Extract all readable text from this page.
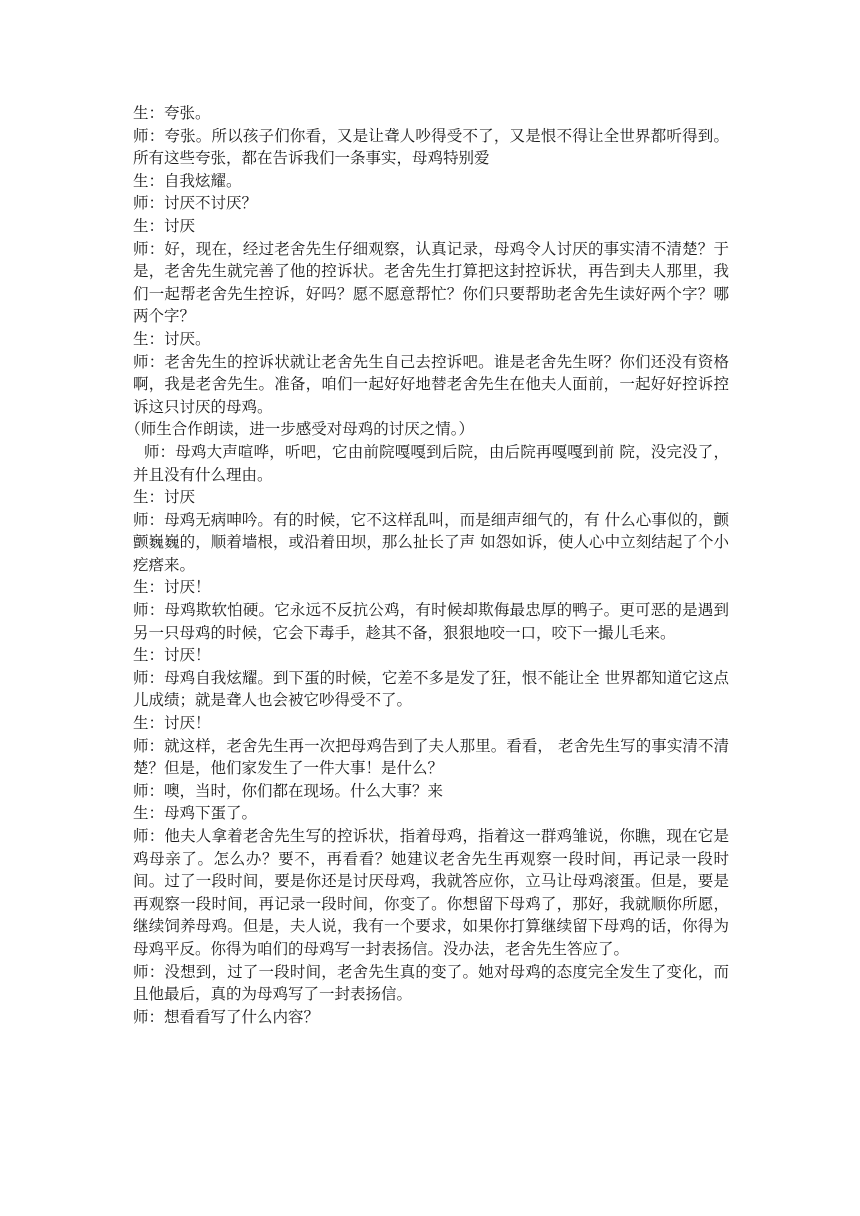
生：夸张。

师：夸张。所以孩子们你看，又是让聋人吵得受不了，又是恨不得让全世界都听得到。所有这些夸张，都在告诉我们一条事实，母鸡特别爱

生：自我炫耀。

师：讨厌不讨厌？

生：讨厌

师：好，现在，经过老舍先生仔细观察，认真记录，母鸡令人讨厌的事实清不清楚？于是，老舍先生就完善了他的控诉状。老舍先生打算把这封控诉状，再告到夫人那里，我们一起帮老舍先生控诉，好吗？愿不愿意帮忙？你们只要帮助老舍先生读好两个字？哪两个字？

生：讨厌。

师：老舍先生的控诉状就让老舍先生自己去控诉吧。谁是老舍先生呀？你们还没有资格啊，我是老舍先生。准备，咱们一起好好地替老舍先生在他夫人面前，一起好好控诉控诉这只讨厌的母鸡。

（师生合作朗读，进一步感受对母鸡的讨厌之情。）

师：母鸡大声喧哗，听吧，它由前院嘎嘎到后院，由后院再嘎嘎到前 院，没完没了，并且没有什么理由。

生：讨厌

师：母鸡无病呻吟。有的时候，它不这样乱叫，而是细声细气的，有 什么心事似的，颤颤巍巍的，顺着墙根，或沿着田坝，那么扯长了声 如怨如诉，使人心中立刻结起了个小疙瘩来。

生：讨厌！

师：母鸡欺软怕硬。它永远不反抗公鸡，有时候却欺侮最忠厚的鸭子。更可恶的是遇到另一只母鸡的时候，它会下毒手，趁其不备，狠狠地咬一口，咬下一撮儿毛来。

生：讨厌！

师：母鸡自我炫耀。到下蛋的时候，它差不多是发了狂，恨不能让全 世界都知道它这点儿成绩；就是聋人也会被它吵得受不了。

生：讨厌！

师：就这样，老舍先生再一次把母鸡告到了夫人那里。看看， 老舍先生写的事实清不清楚？但是，他们家发生了一件大事！是什么？

师：噢，当时，你们都在现场。什么大事？来

生：母鸡下蛋了。

师：他夫人拿着老舍先生写的控诉状，指着母鸡，指着这一群鸡雏说，你瞧，现在它是鸡母亲了。怎么办？要不，再看看？她建议老舍先生再观察一段时间，再记录一段时间。过了一段时间，要是你还是讨厌母鸡，我就答应你，立马让母鸡滚蛋。但是，要是再观察一段时间，再记录一段时间，你变了。你想留下母鸡了，那好，我就顺你所愿，继续饲养母鸡。但是，夫人说，我有一个要求，如果你打算继续留下母鸡的话，你得为母鸡平反。你得为咱们的母鸡写一封表扬信。没办法，老舍先生答应了。

师：没想到，过了一段时间，老舍先生真的变了。她对母鸡的态度完全发生了变化，而且他最后，真的为母鸡写了一封表扬信。

师：想看看写了什么内容？
